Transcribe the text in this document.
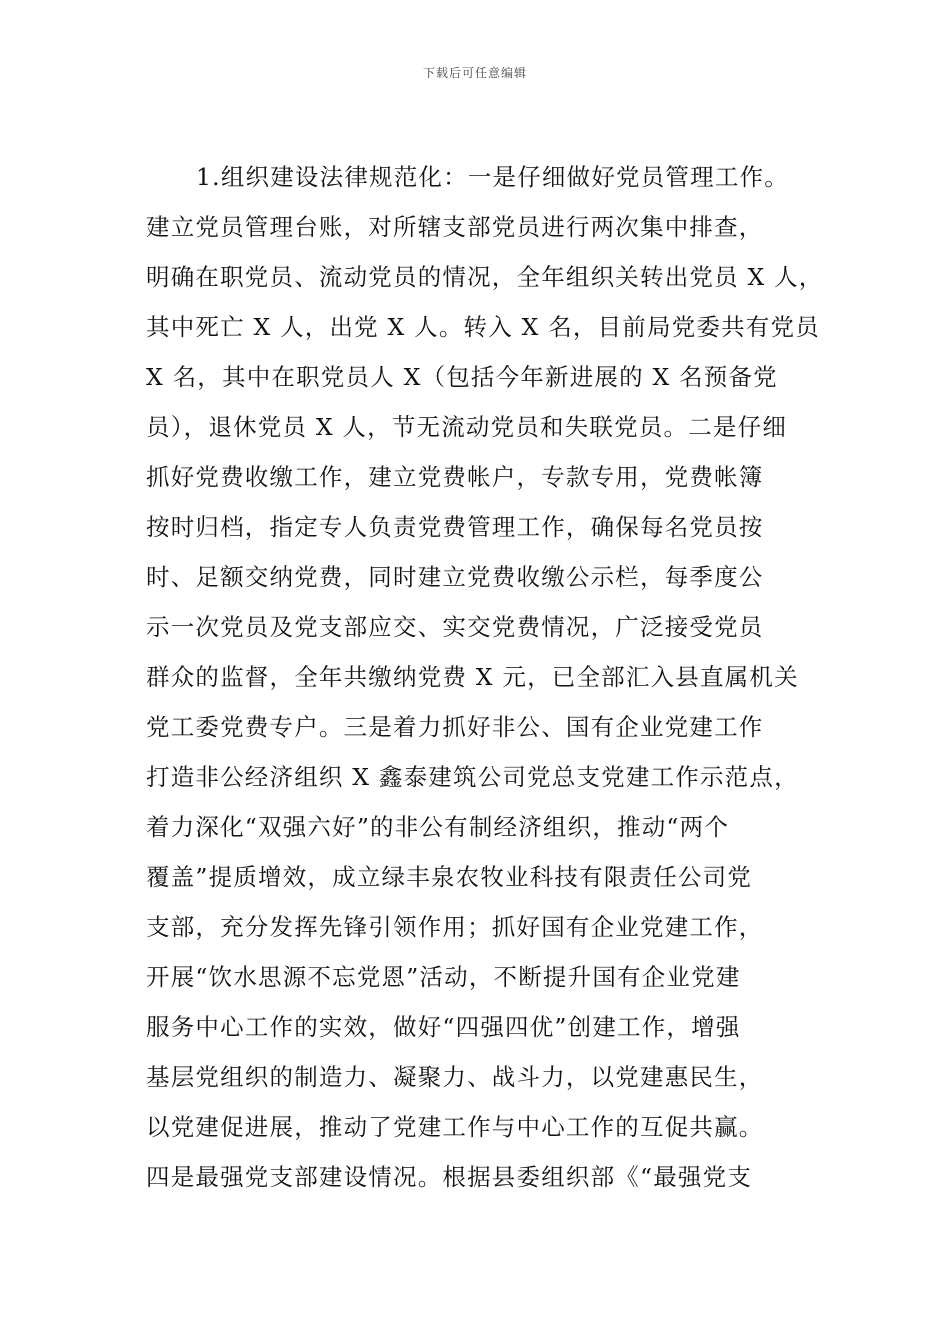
下载后可任意编辑
1.组织建设法律规范化：一是仔细做好党员管理工作。
建立党员管理台账，对所辖支部党员进行两次集中排查，
明确在职党员、流动党员的情况，全年组织关转出党员 X 人，
其中死亡 X 人，出党 X 人。转入 X 名，目前局党委共有党员
X 名，其中在职党员人 X（包括今年新进展的 X 名预备党
员），退休党员 X 人，节无流动党员和失联党员。二是仔细
抓好党费收缴工作，建立党费帐户，专款专用，党费帐簿
按时归档，指定专人负责党费管理工作，确保每名党员按
时、足额交纳党费，同时建立党费收缴公示栏，每季度公
示一次党员及党支部应交、实交党费情况，广泛接受党员
群众的监督，全年共缴纳党费 X 元，已全部汇入县直属机关
党工委党费专户。三是着力抓好非公、国有企业党建工作
打造非公经济组织 X 鑫泰建筑公司党总支党建工作示范点，
着力深化“双强六好”的非公有制经济组织，推动“两个
覆盖”提质增效，成立绿丰泉农牧业科技有限责任公司党
支部，充分发挥先锋引领作用；抓好国有企业党建工作，
开展“饮水思源不忘党恩”活动，不断提升国有企业党建
服务中心工作的实效，做好“四强四优”创建工作，增强
基层党组织的制造力、凝聚力、战斗力，以党建惠民生，
以党建促进展，推动了党建工作与中心工作的互促共赢。
四是最强党支部建设情况。根据县委组织部《“最强党支
